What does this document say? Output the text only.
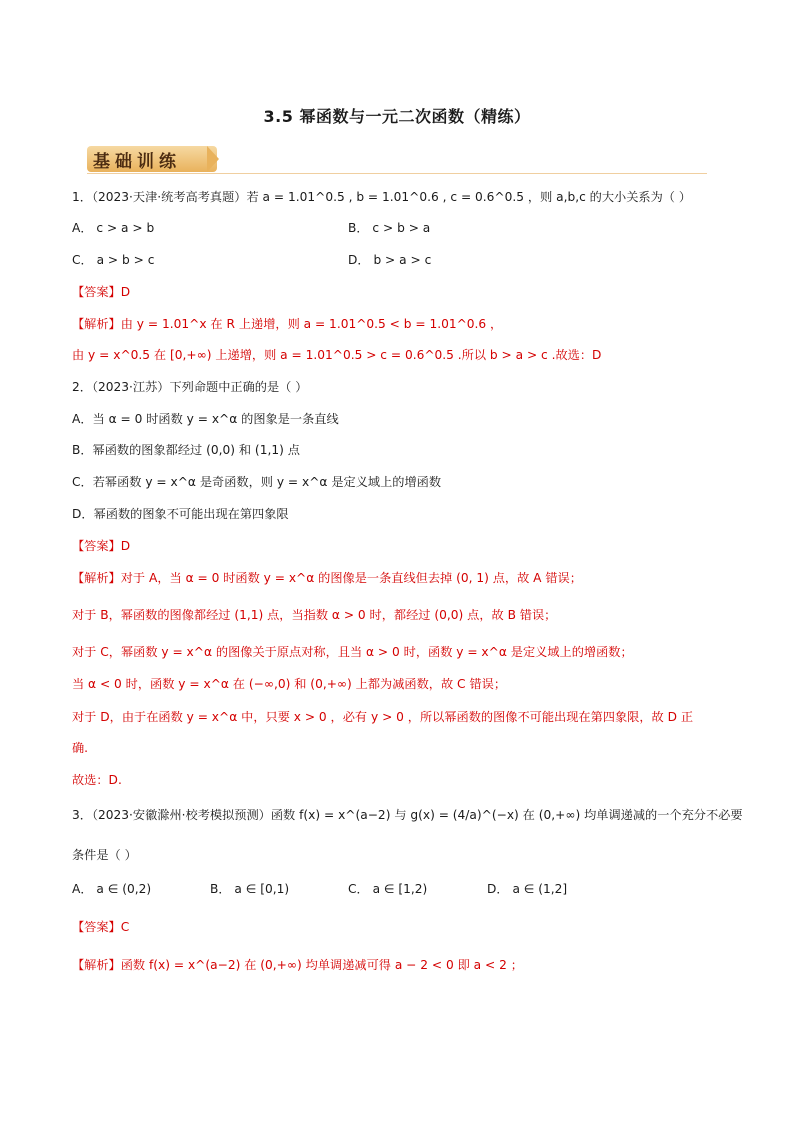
3.5 幂函数与一元二次函数（精练）
基础训练
1．（2023·天津·统考高考真题）若 a = 1.01^0.5 , b = 1.01^0.6 , c = 0.6^0.5 ，则 a,b,c 的大小关系为（ ）
A． c > a > b	B． c > b > a
C． a > b > c	D． b > a > c
【答案】D
【解析】由 y = 1.01^x 在 R 上递增，则 a = 1.01^0.5 < b = 1.01^0.6 ，
由 y = x^0.5 在 [0,+∞) 上递增，则 a = 1.01^0.5 > c = 0.6^0.5 .所以 b > a > c .故选：D
2．（2023·江苏）下列命题中正确的是（ ）
A．当 α = 0 时函数 y = x^α 的图象是一条直线
B．幂函数的图象都经过 (0,0) 和 (1,1) 点
C．若幂函数 y = x^α 是奇函数，则 y = x^α 是定义域上的增函数
D．幂函数的图象不可能出现在第四象限
【答案】D
【解析】对于 A，当 α = 0 时函数 y = x^α 的图像是一条直线但去掉 (0, 1) 点，故 A 错误；
对于 B，幂函数的图像都经过 (1,1) 点，当指数 α > 0 时，都经过 (0,0) 点，故 B 错误；
对于 C，幂函数 y = x^α 的图像关于原点对称，且当 α > 0 时，函数 y = x^α 是定义域上的增函数；
当 α < 0 时，函数 y = x^α 在 (−∞,0) 和 (0,+∞) 上都为减函数，故 C 错误；
对于 D，由于在函数 y = x^α 中，只要 x > 0 ，必有 y > 0 ，所以幂函数的图像不可能出现在第四象限，故 D 正
确.
故选：D.
3．（2023·安徽滁州·校考模拟预测）函数 f(x) = x^(a−2) 与 g(x) = (4/a)^(−x) 在 (0,+∞) 均单调递减的一个充分不必要
条件是（ ）
A． a ∈ (0,2)	B． a ∈ [0,1)	C． a ∈ [1,2)	D． a ∈ (1,2]
【答案】C
【解析】函数 f(x) = x^(a−2) 在 (0,+∞) 均单调递减可得 a − 2 < 0 即 a < 2 ；
